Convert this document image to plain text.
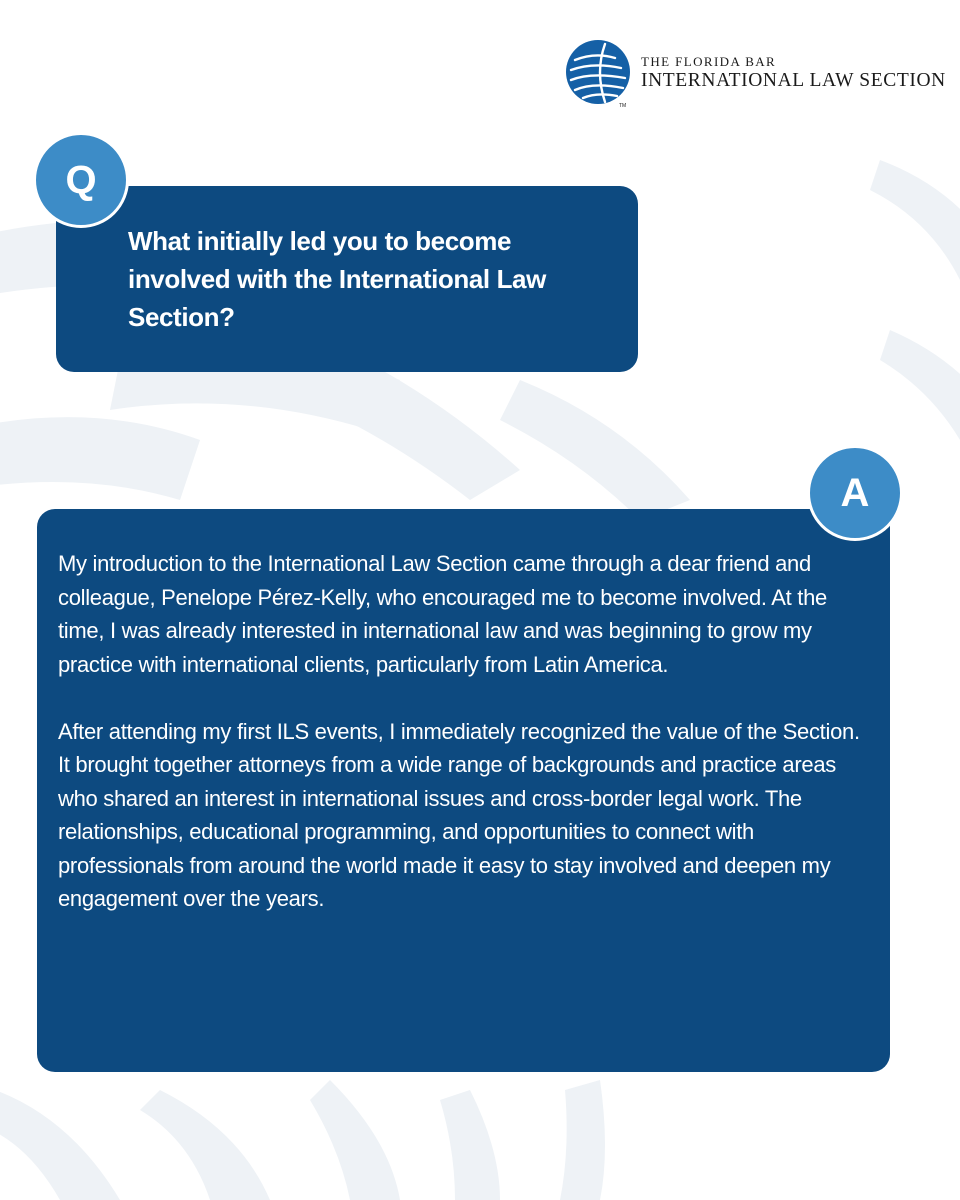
TM
THE FLORIDA BAR
INTERNATIONAL LAW SECTION
Q
What initially led you to become involved with the International Law Section?
A

My introduction to the International Law Section came through a dear friend and colleague, Penelope Pérez-Kelly, who encouraged me to become involved. At the time, I was already interested in international law and was beginning to grow my practice with international clients, particularly from Latin America.

After attending my first ILS events, I immediately recognized the value of the Section. It brought together attorneys from a wide range of backgrounds and practice areas who shared an interest in international issues and cross-border legal work. The relationships, educational programming, and opportunities to connect with professionals from around the world made it easy to stay involved and deepen my engagement over the years.
